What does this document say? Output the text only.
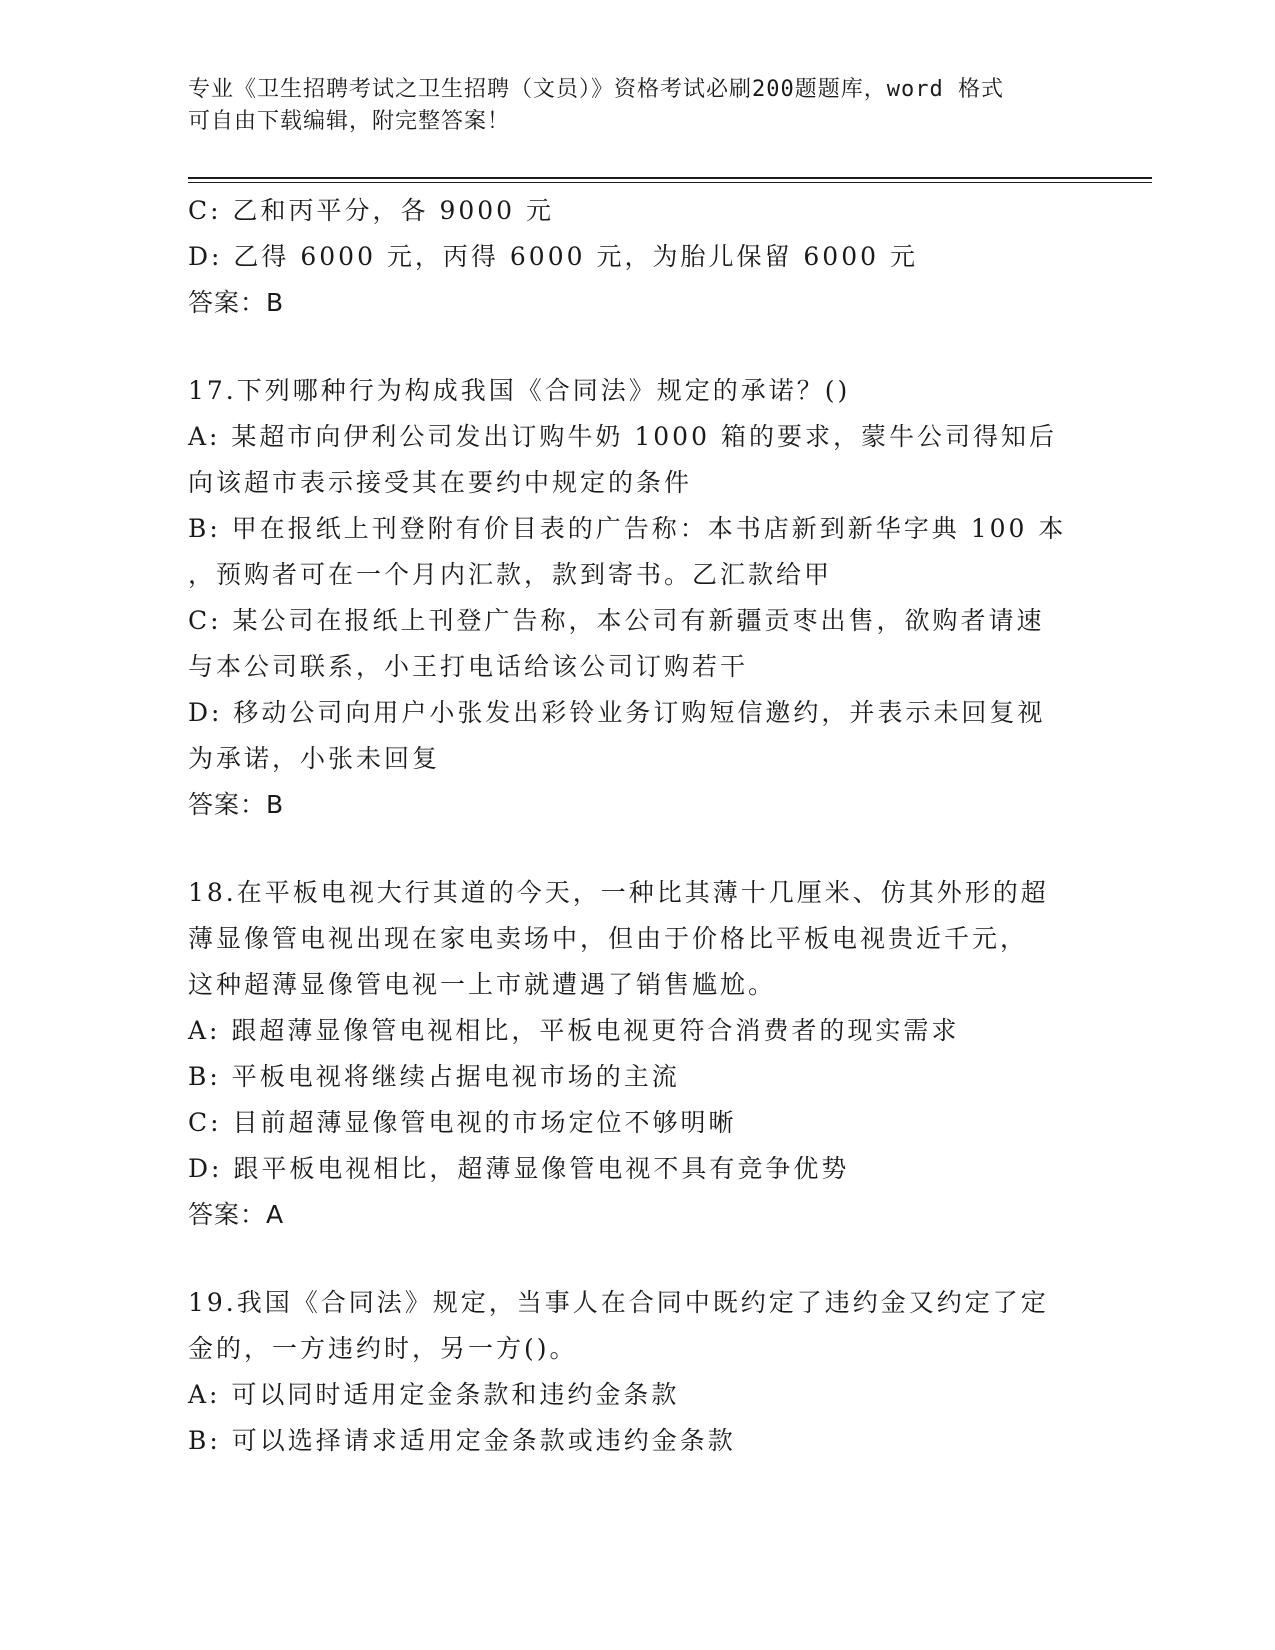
专业《卫生招聘考试之卫生招聘（文员）》资格考试必刷200题题库，word 格式
可自由下载编辑，附完整答案！
C: 乙和丙平分，各 9000 元
D: 乙得 6000 元，丙得 6000 元，为胎儿保留 6000 元
答案：B
17.下列哪种行为构成我国《合同法》规定的承诺？()
A: 某超市向伊利公司发出订购牛奶 1000 箱的要求，蒙牛公司得知后
向该超市表示接受其在要约中规定的条件
B: 甲在报纸上刊登附有价目表的广告称：本书店新到新华字典 100 本
，预购者可在一个月内汇款，款到寄书。乙汇款给甲
C: 某公司在报纸上刊登广告称，本公司有新疆贡枣出售，欲购者请速
与本公司联系，小王打电话给该公司订购若干
D: 移动公司向用户小张发出彩铃业务订购短信邀约，并表示未回复视
为承诺，小张未回复
答案：B
18.在平板电视大行其道的今天，一种比其薄十几厘米、仿其外形的超
薄显像管电视出现在家电卖场中，但由于价格比平板电视贵近千元，
这种超薄显像管电视一上市就遭遇了销售尴尬。
A: 跟超薄显像管电视相比，平板电视更符合消费者的现实需求
B: 平板电视将继续占据电视市场的主流
C: 目前超薄显像管电视的市场定位不够明晰
D: 跟平板电视相比，超薄显像管电视不具有竞争优势
答案：A
19.我国《合同法》规定，当事人在合同中既约定了违约金又约定了定
金的，一方违约时，另一方()。
A: 可以同时适用定金条款和违约金条款
B: 可以选择请求适用定金条款或违约金条款
